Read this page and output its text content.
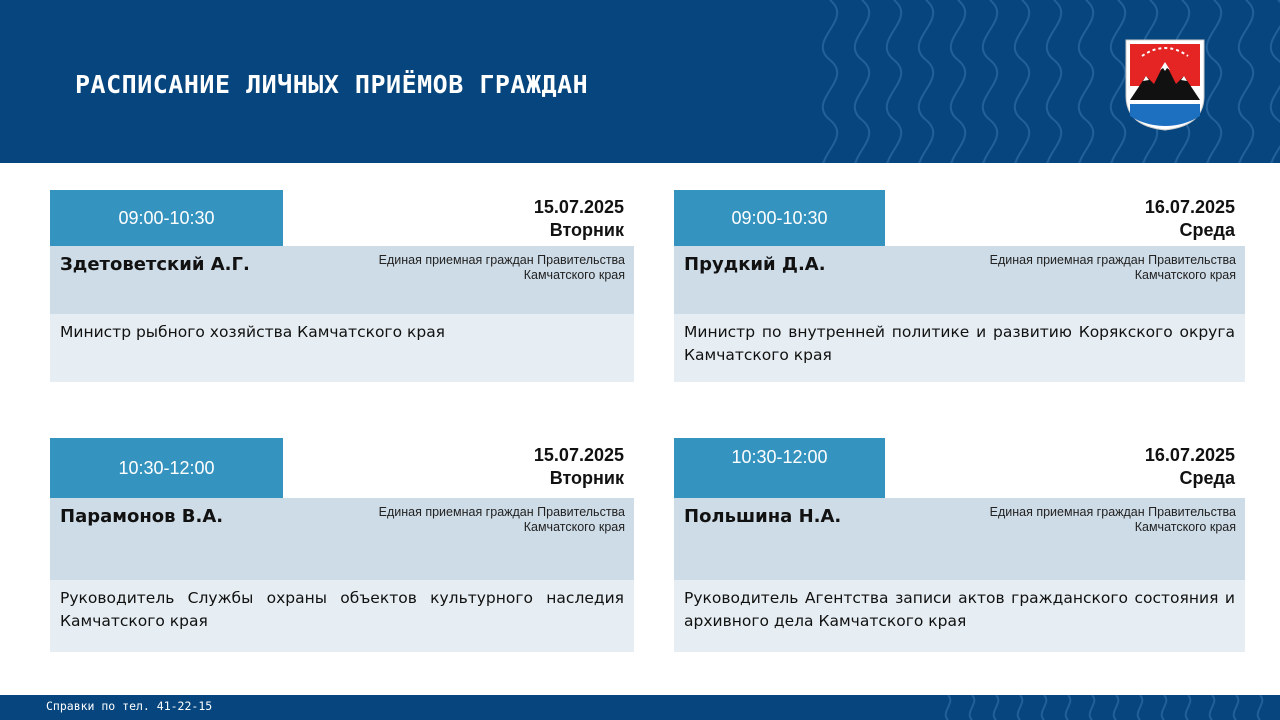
РАСПИСАНИЕ ЛИЧНЫХ ПРИЁМОВ ГРАЖДАН
09:00-10:30
15.07.2025
Вторник
Здетоветский А.Г.	Единая приемная граждан Правительства Камчатского края
Министр рыбного хозяйства Камчатского края
09:00-10:30
16.07.2025
Среда
Прудкий Д.А.	Единая приемная граждан Правительства Камчатского края
Министр по внутренней политике и развитию Корякского округа Камчатского края
10:30-12:00
15.07.2025
Вторник
Парамонов В.А.	Единая приемная граждан Правительства Камчатского края
Руководитель Службы охраны объектов культурного наследия Камчатского края
10:30-12:00	16.07.2025
Среда
Польшина Н.А.	Единая приемная граждан Правительства Камчатского края
Руководитель Агентства записи актов гражданского состояния и архивного дела Камчатского края
Справки по тел. 41-22-15
